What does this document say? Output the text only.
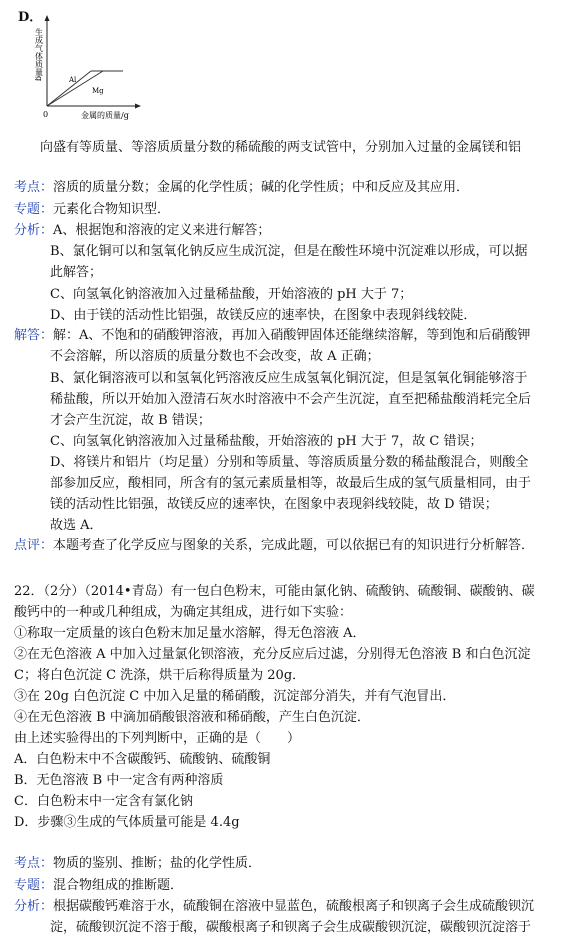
D．
生成气体质量g	Al
Mg
0	金属的质量/g
向盛有等质量、等溶质质量分数的稀硫酸的两支试管中，分别加入过量的金属镁和铝
考点：溶质的质量分数；金属的化学性质；碱的化学性质；中和反应及其应用．
专题：元素化合物知识型．
分析：A、根据饱和溶液的定义来进行解答；
B、氯化铜可以和氢氧化钠反应生成沉淀，但是在酸性环境中沉淀难以形成，可以据
此解答；
C、向氢氧化钠溶液加入过量稀盐酸，开始溶液的 pH 大于 7；
D、由于镁的活动性比铝强，故镁反应的速率快，在图象中表现斜线较陡．
解答：解：A、不饱和的硝酸钾溶液，再加入硝酸钾固体还能继续溶解，等到饱和后硝酸钾
不会溶解，所以溶质的质量分数也不会改变，故 A 正确；
B、氯化铜溶液可以和氢氧化钙溶液反应生成氢氧化铜沉淀，但是氢氧化铜能够溶于
稀盐酸，所以开始加入澄清石灰水时溶液中不会产生沉淀，直至把稀盐酸消耗完全后
才会产生沉淀，故 B 错误；
C、向氢氧化钠溶液加入过量稀盐酸，开始溶液的 pH 大于 7，故 C 错误；
D、将镁片和铝片（均足量）分别和等质量、等溶质质量分数的稀盐酸混合，则酸全
部参加反应，酸相同，所含有的氢元素质量相等，故最后生成的氢气质量相同，由于
镁的活动性比铝强，故镁反应的速率快，在图象中表现斜线较陡，故 D 错误；
故选 A．
点评：本题考查了化学反应与图象的关系，完成此题，可以依据已有的知识进行分析解答．
22．（2分）（2014•青岛）有一包白色粉末，可能由氯化钠、硫酸钠、硫酸铜、碳酸钠、碳
酸钙中的一种或几种组成，为确定其组成，进行如下实验：
①称取一定质量的该白色粉末加足量水溶解，得无色溶液 A．
②在无色溶液 A 中加入过量氯化钡溶液，充分反应后过滤，分别得无色溶液 B 和白色沉淀
C；将白色沉淀 C 洗涤，烘干后称得质量为 20g．
③在 20g 白色沉淀 C 中加入足量的稀硝酸，沉淀部分消失，并有气泡冒出．
④在无色溶液 B 中滴加硝酸银溶液和稀硝酸，产生白色沉淀．
由上述实验得出的下列判断中，正确的是（　　）
A．白色粉末中不含碳酸钙、硫酸钠、硫酸铜
B．无色溶液 B 中一定含有两种溶质
C．白色粉末中一定含有氯化钠
D．步骤③生成的气体质量可能是 4.4g
考点：物质的鉴别、推断；盐的化学性质．
专题：混合物组成的推断题．
分析：根据碳酸钙难溶于水，硫酸铜在溶液中显蓝色，硫酸根离子和钡离子会生成硫酸钡沉
淀，硫酸钡沉淀不溶于酸，碳酸根离子和钡离子会生成碳酸钡沉淀，碳酸钡沉淀溶于
